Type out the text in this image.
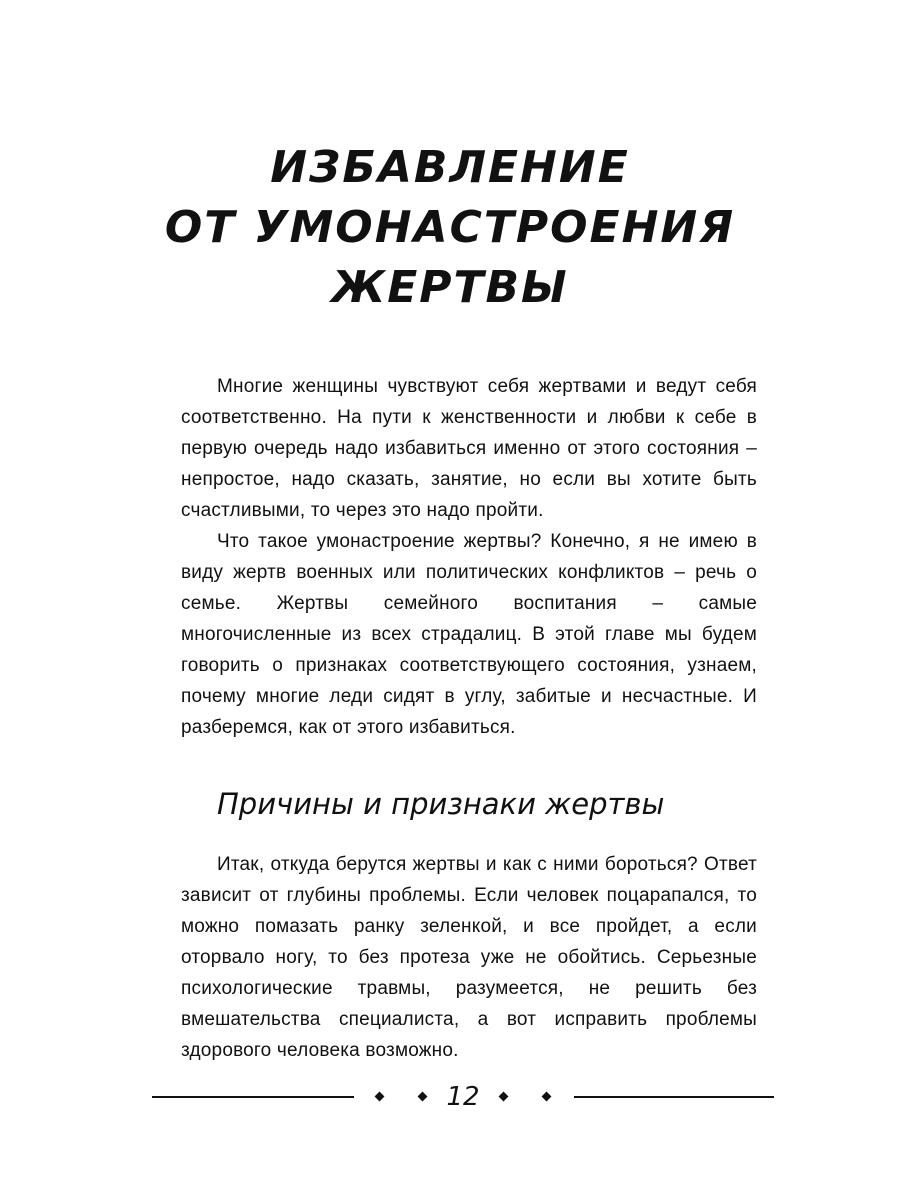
ИЗБАВЛЕНИЕ
ОТ УМОНАСТРОЕНИЯ
ЖЕРТВЫ

Многие женщины чувствуют себя жертвами и ведут себя соответственно. На пути к женственности и любви к себе в первую очередь надо избавиться именно от этого состояния – непростое, надо сказать, занятие, но если вы хотите быть счастливыми, то через это надо пройти.

Что такое умонастроение жертвы? Конечно, я не имею в виду жертв военных или политических конфликтов – речь о семье. Жертвы семейного воспитания – самые многочисленные из всех страдалиц. В этой главе мы будем говорить о признаках соответствующего состояния, узнаем, почему многие леди сидят в углу, забитые и несчастные. И разберемся, как от этого избавиться.

Причины и признаки жертвы

Итак, откуда берутся жертвы и как с ними бороться? Ответ зависит от глубины проблемы. Если человек поцарапался, то можно помазать ранку зеленкой, и все пройдет, а если оторвало ногу, то без протеза уже не обойтись. Серьезные психологические травмы, разумеется, не решить без вмешательства специалиста, а вот исправить проблемы здорового человека возможно.

12
